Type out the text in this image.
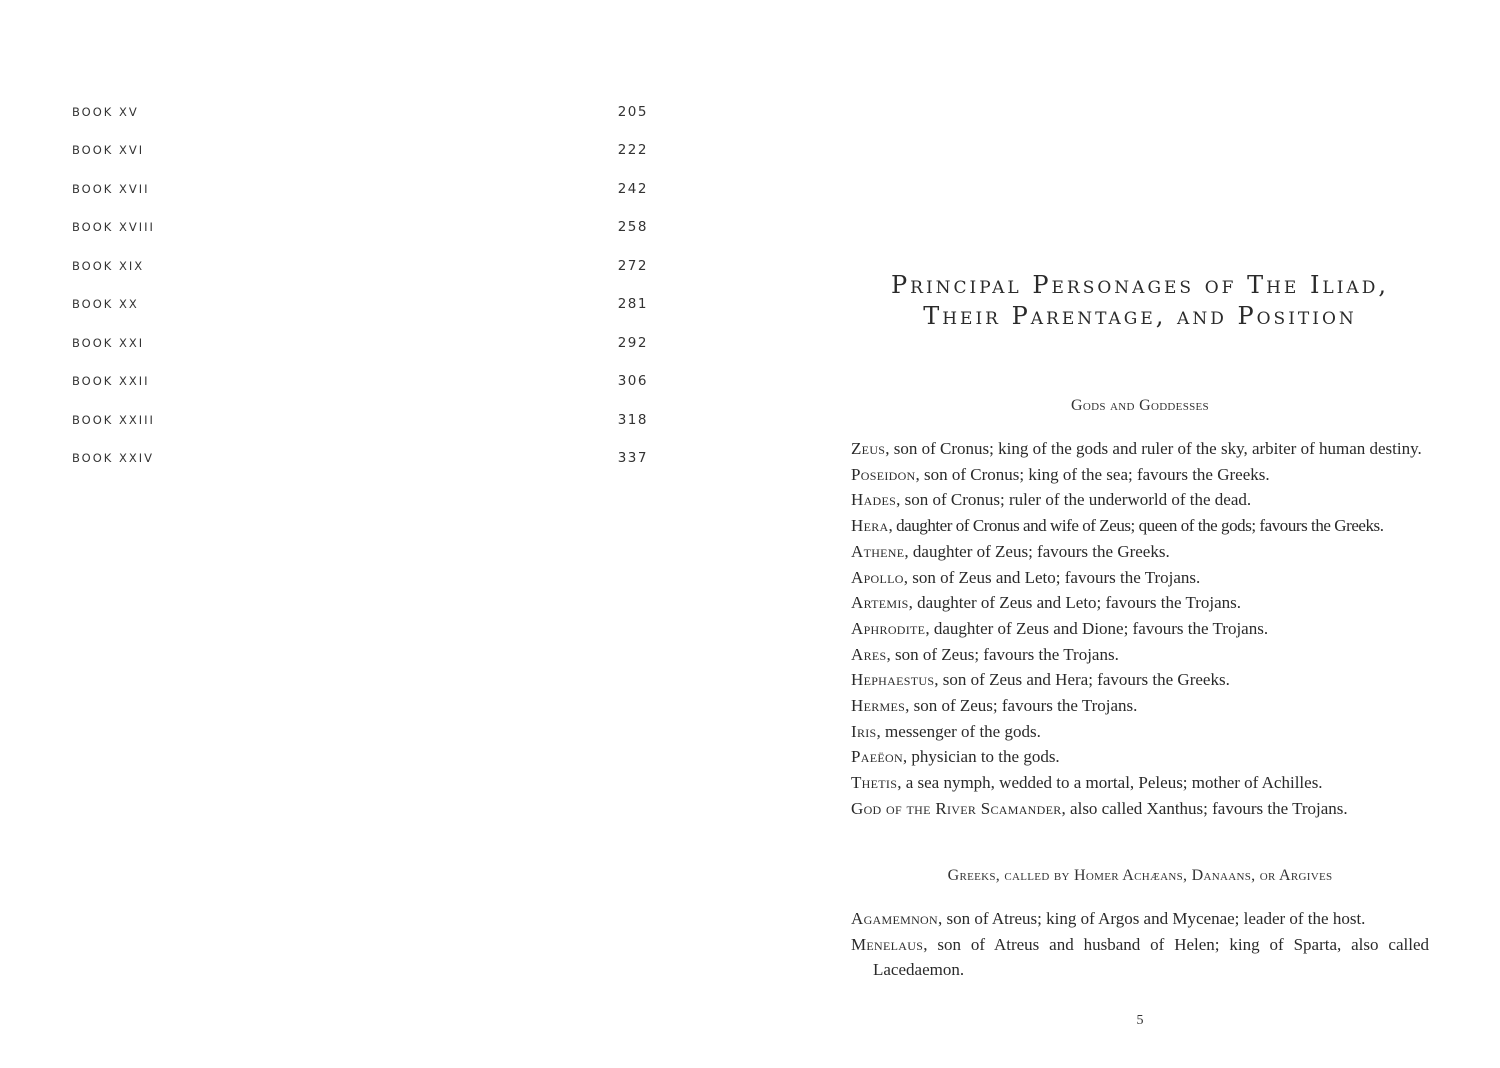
BOOK XV	205
BOOK XVI	222
BOOK XVII	242
BOOK XVIII	258
BOOK XIX	272
BOOK XX	281
BOOK XXI	292
BOOK XXII	306
BOOK XXIII	318
BOOK XXIV	337
Principal Personages of The Iliad,
Their Parentage, and Position
Gods and Goddesses
Zeus, son of Cronus; king of the gods and ruler of the sky, arbiter of human destiny.
Poseidon, son of Cronus; king of the sea; favours the Greeks.
Hades, son of Cronus; ruler of the underworld of the dead.
Hera, daughter of Cronus and wife of Zeus; queen of the gods; favours the Greeks.
Athene, daughter of Zeus; favours the Greeks.
Apollo, son of Zeus and Leto; favours the Trojans.
Artemis, daughter of Zeus and Leto; favours the Trojans.
Aphrodite, daughter of Zeus and Dione; favours the Trojans.
Ares, son of Zeus; favours the Trojans.
Hephaestus, son of Zeus and Hera; favours the Greeks.
Hermes, son of Zeus; favours the Trojans.
Iris, messenger of the gods.
Paeëon, physician to the gods.
Thetis, a sea nymph, wedded to a mortal, Peleus; mother of Achilles.
God of the River Scamander, also called Xanthus; favours the Trojans.
Greeks, called by Homer Achæans, Danaans, or Argives
Agamemnon, son of Atreus; king of Argos and Mycenae; leader of the host.
Menelaus, son of Atreus and husband of Helen; king of Sparta, also called Lacedaemon.
5
